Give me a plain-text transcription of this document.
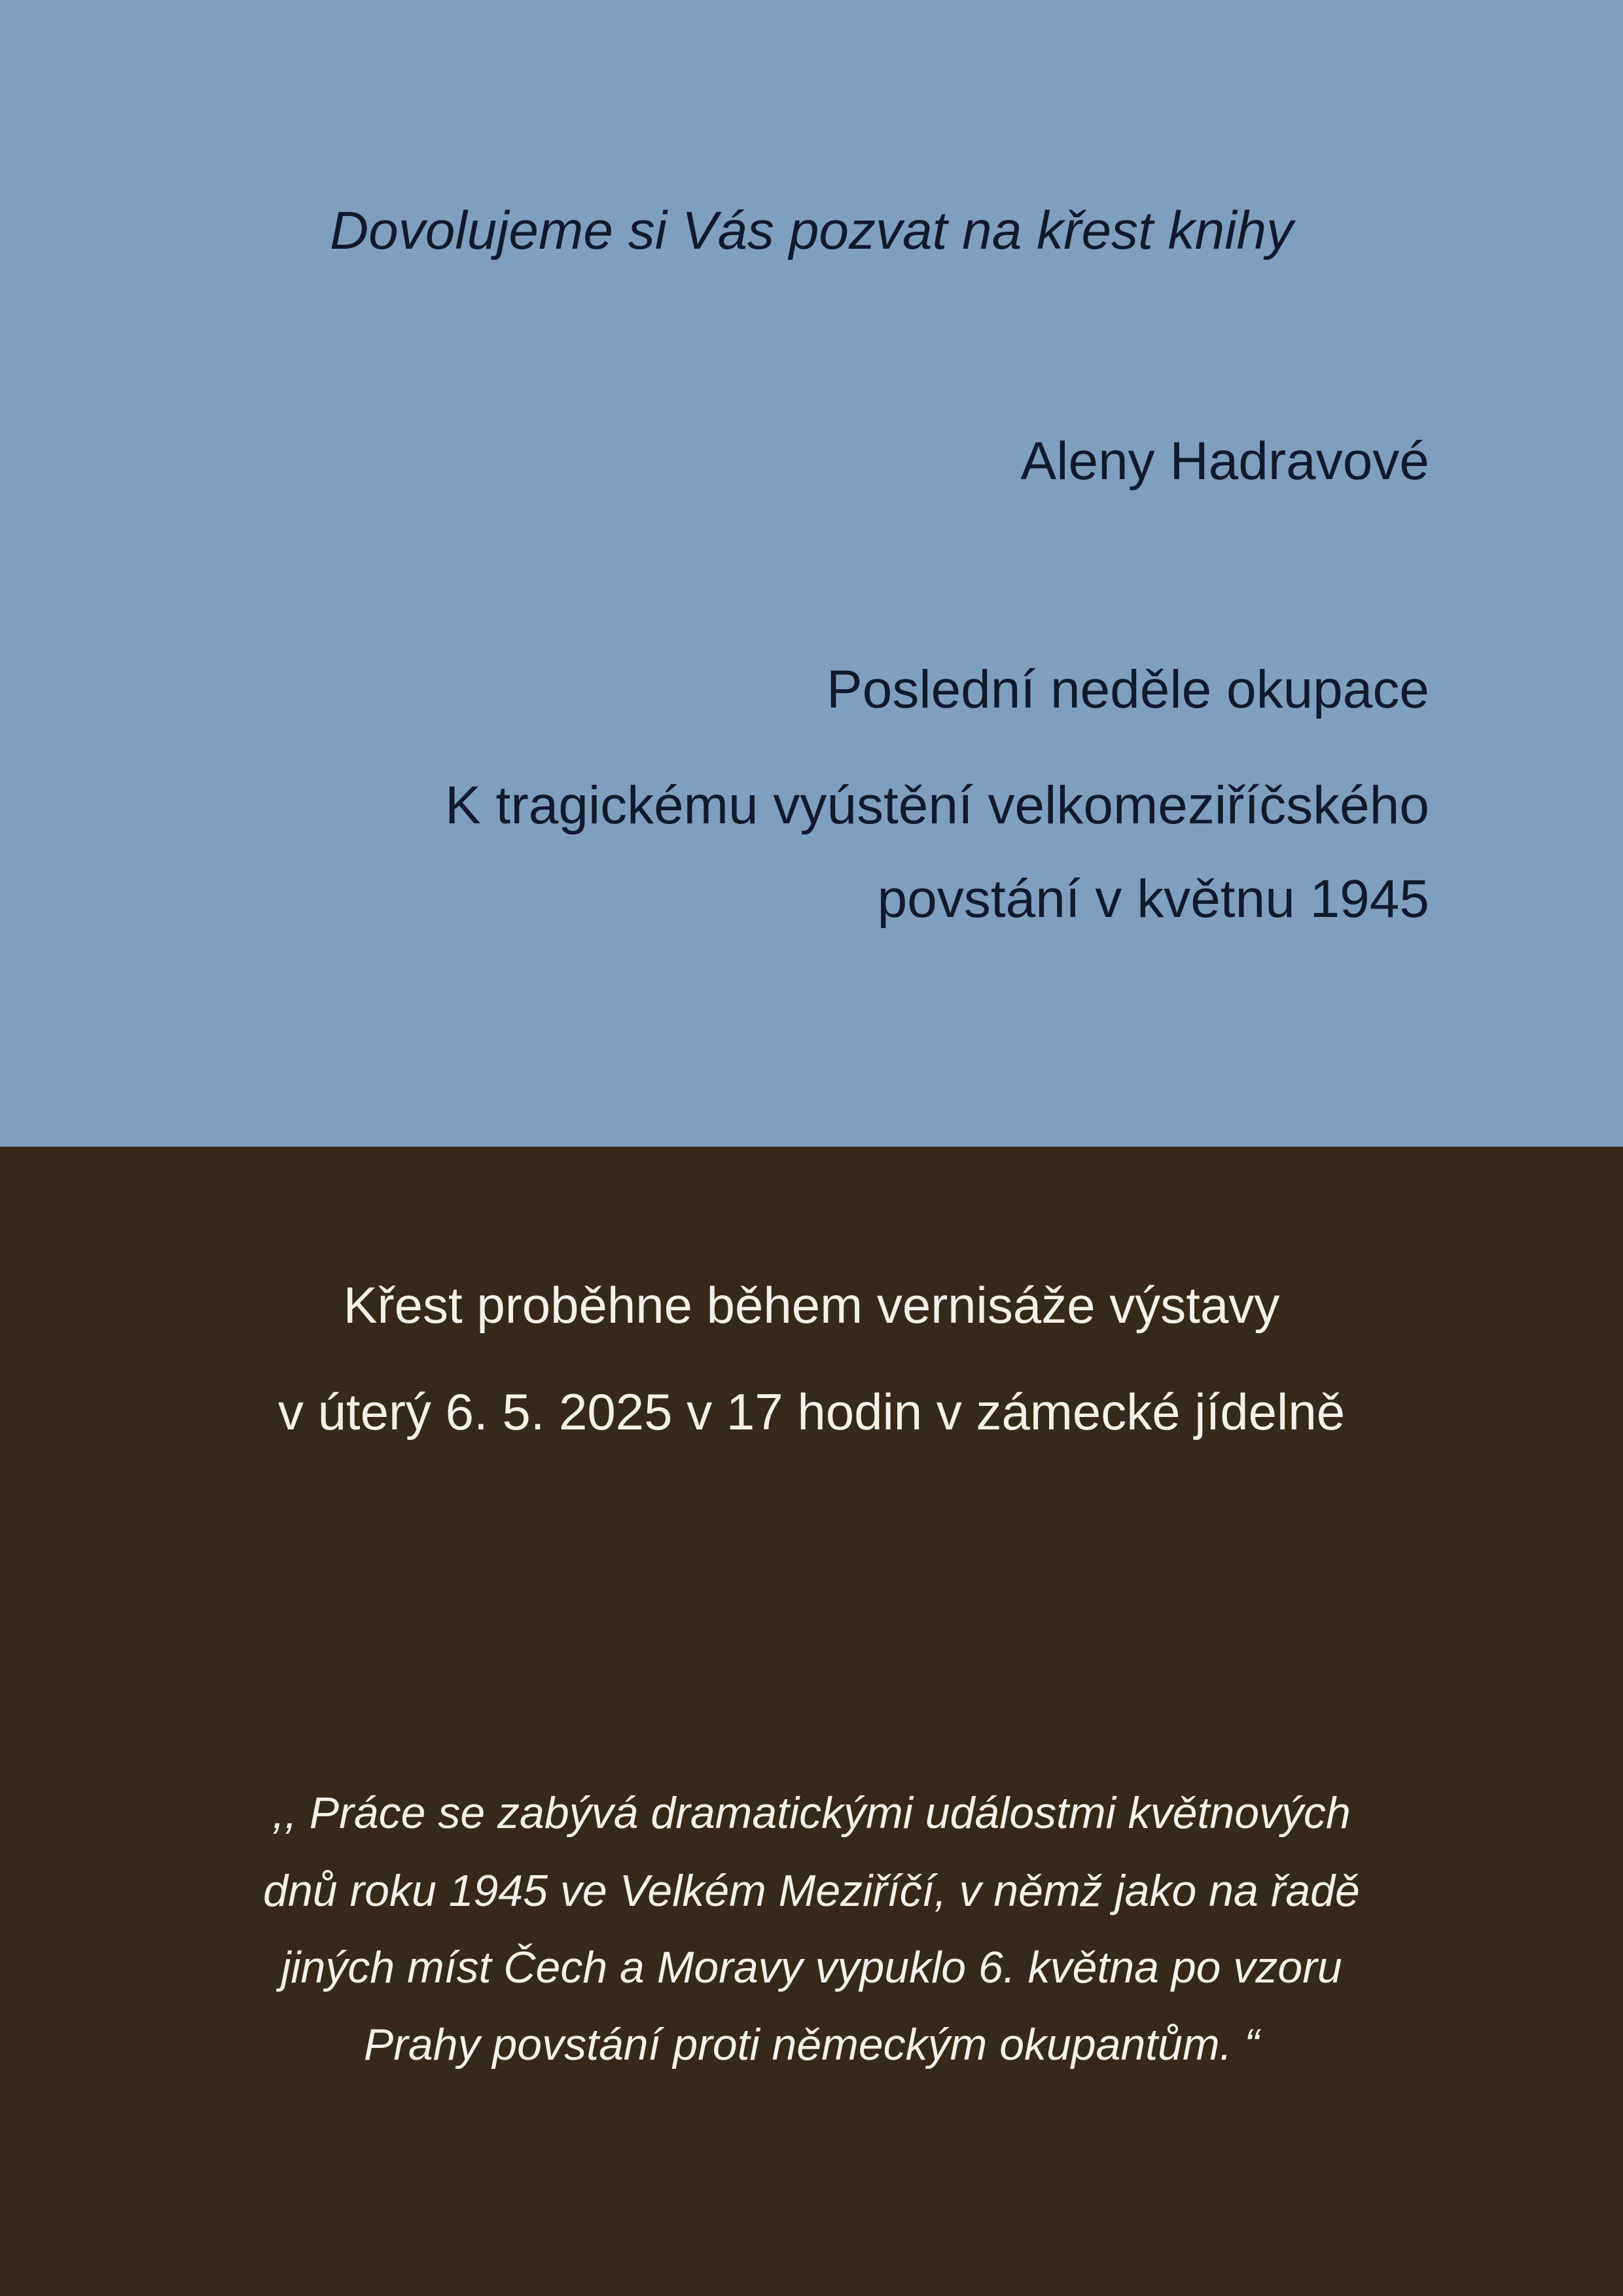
Dovolujeme si Vás pozvat na křest knihy

Aleny Hadravové

Poslední neděle okupace

K tragickému vyústění velkomeziříčského

povstání v květnu 1945

Křest proběhne během vernisáže výstavy

v úterý 6. 5. 2025 v 17 hodin v zámecké jídelně

,, Práce se zabývá dramatickými událostmi květnových

dnů roku 1945 ve Velkém Meziříčí, v němž jako na řadě

jiných míst Čech a Moravy vypuklo 6. května po vzoru

Prahy povstání proti německým okupantům. “
